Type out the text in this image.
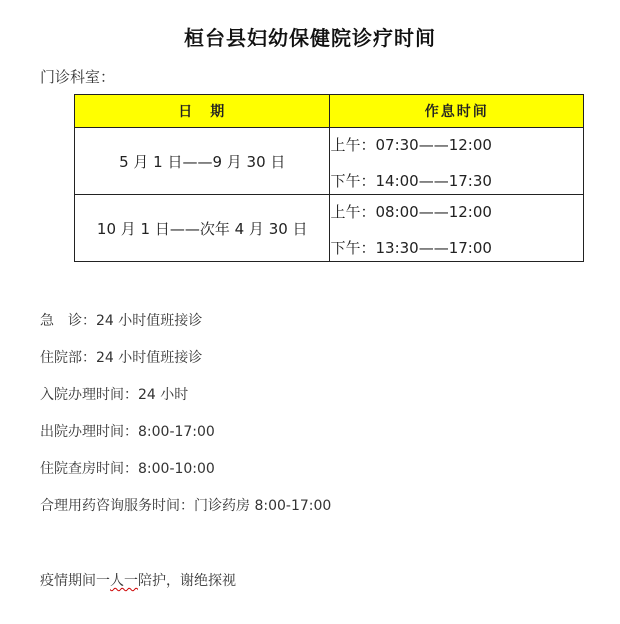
桓台县妇幼保健院诊疗时间
门诊科室：
日　期	作息时间
5 月 1 日——9 月 30 日	上午：07:30——12:00
下午：14:00——17:30

10 月 1 日——次年 4 月 30 日	上午：08:00——12:00
下午：13:30——17:00
急　诊：24 小时值班接诊
住院部：24 小时值班接诊
入院办理时间：24 小时
出院办理时间：8:00-17:00
住院查房时间：8:00-10:00
合理用药咨询服务时间：门诊药房 8:00-17:00
疫情期间一人一陪护，谢绝探视
